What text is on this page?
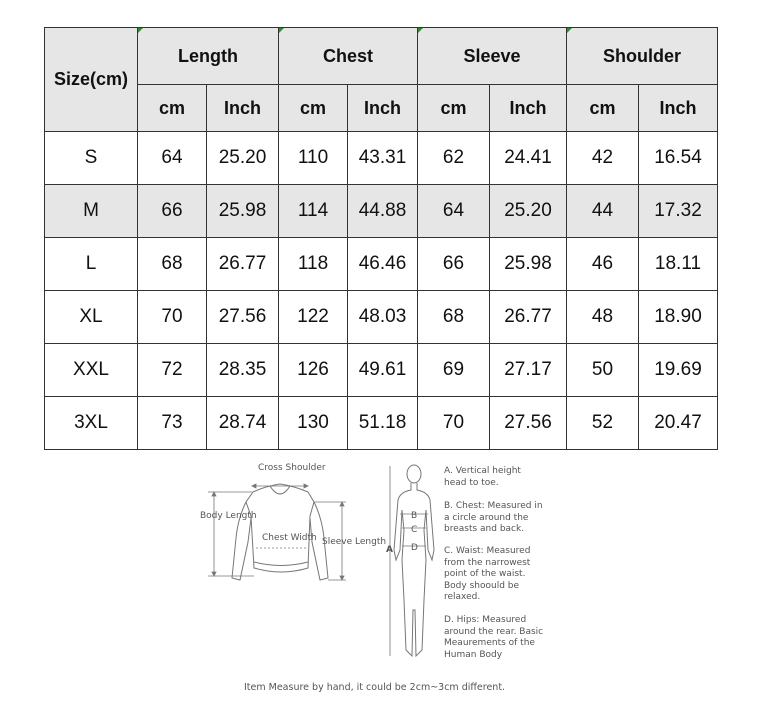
Size(cm)	Length		Chest		Sleeve		Shoulder	
	cm	Inch	cm	Inch	cm	Inch	cm	Inch
S	64	25.20	110	43.31	62	24.41	42	16.54
M	66	25.98	114	44.88	64	25.20	44	17.32
L	68	26.77	118	46.46	66	25.98	46	18.11
XL	70	27.56	122	48.03	68	26.77	48	18.90
XXL	72	28.35	126	49.61	69	27.17	50	19.69
3XL	73	28.74	130	51.18	70	27.56	52	20.47
Cross Shoulder
Body Length
Chest Width Sleeve Length
A
B
C
D

A. Vertical height head to toe.

B. Chest: Measured in a circle around the breasts and back.

C. Waist: Measured from the narrowest point of the waist. Body shoould be relaxed.

D. Hips: Measured around the rear. Basic Meaurements of the Human Body

Item Measure by hand, it could be 2cm~3cm different.
